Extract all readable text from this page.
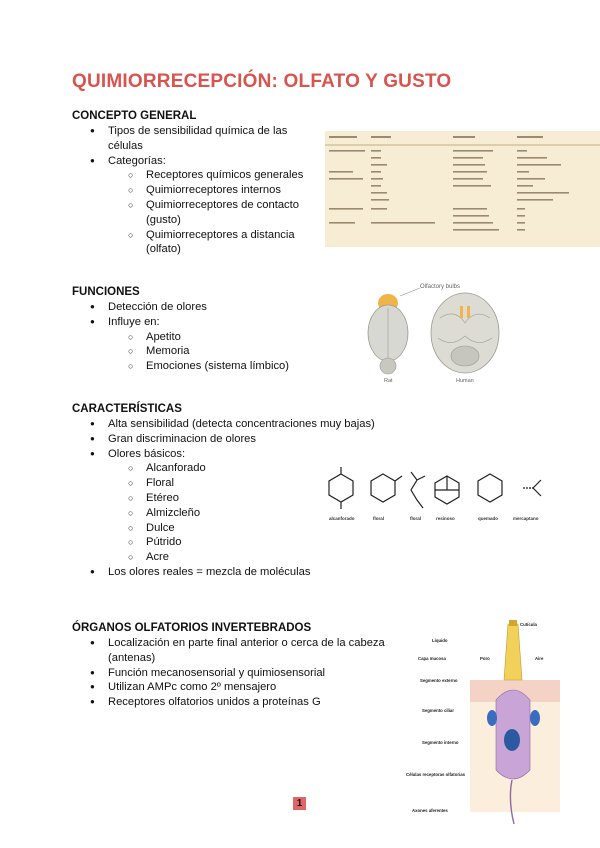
QUIMIORRECEPCIÓN: OLFATO Y GUSTO
CONCEPTO GENERAL
● Tipos de sensibilidad química de las
células
● Categorías:
○ Receptores químicos generales
○ Quimiorreceptores internos
○ Quimiorreceptores de contacto
(gusto)
○ Quimiorreceptores a distancia
(olfato)
FUNCIONES
● Detección de olores
● Influye en:
○ Apetito
○ Memoria
○ Emociones (sistema límbico)
Olfactory bulbs
Rat	Human
CARACTERÍSTICAS
● Alta sensibilidad (detecta concentraciones muy bajas)
● Gran discriminacion de olores
● Olores básicos:
○ Alcanforado
○ Floral
○ Etéreo
○ Almizcleño
○ Dulce
○ Pútrido
○ Acre
● Los olores reales = mezcla de moléculas
alcanforado	floral	floral	resinoso	quemado	mercaptano
ÓRGANOS OLFATORIOS INVERTEBRADOS
● Localización en parte final anterior o cerca de la cabeza
(antenas)
● Función mecanosensorial y quimiosensorial
● Utilizan AMPc como 2º mensajero
● Receptores olfatorios unidos a proteínas G
Cutícula
Líquido
Capa mucosa	Poro	Aire
Segmento externo
Segmento ciliar
Segmento interno
Células receptoras olfatorias
Axones aferentes
1
